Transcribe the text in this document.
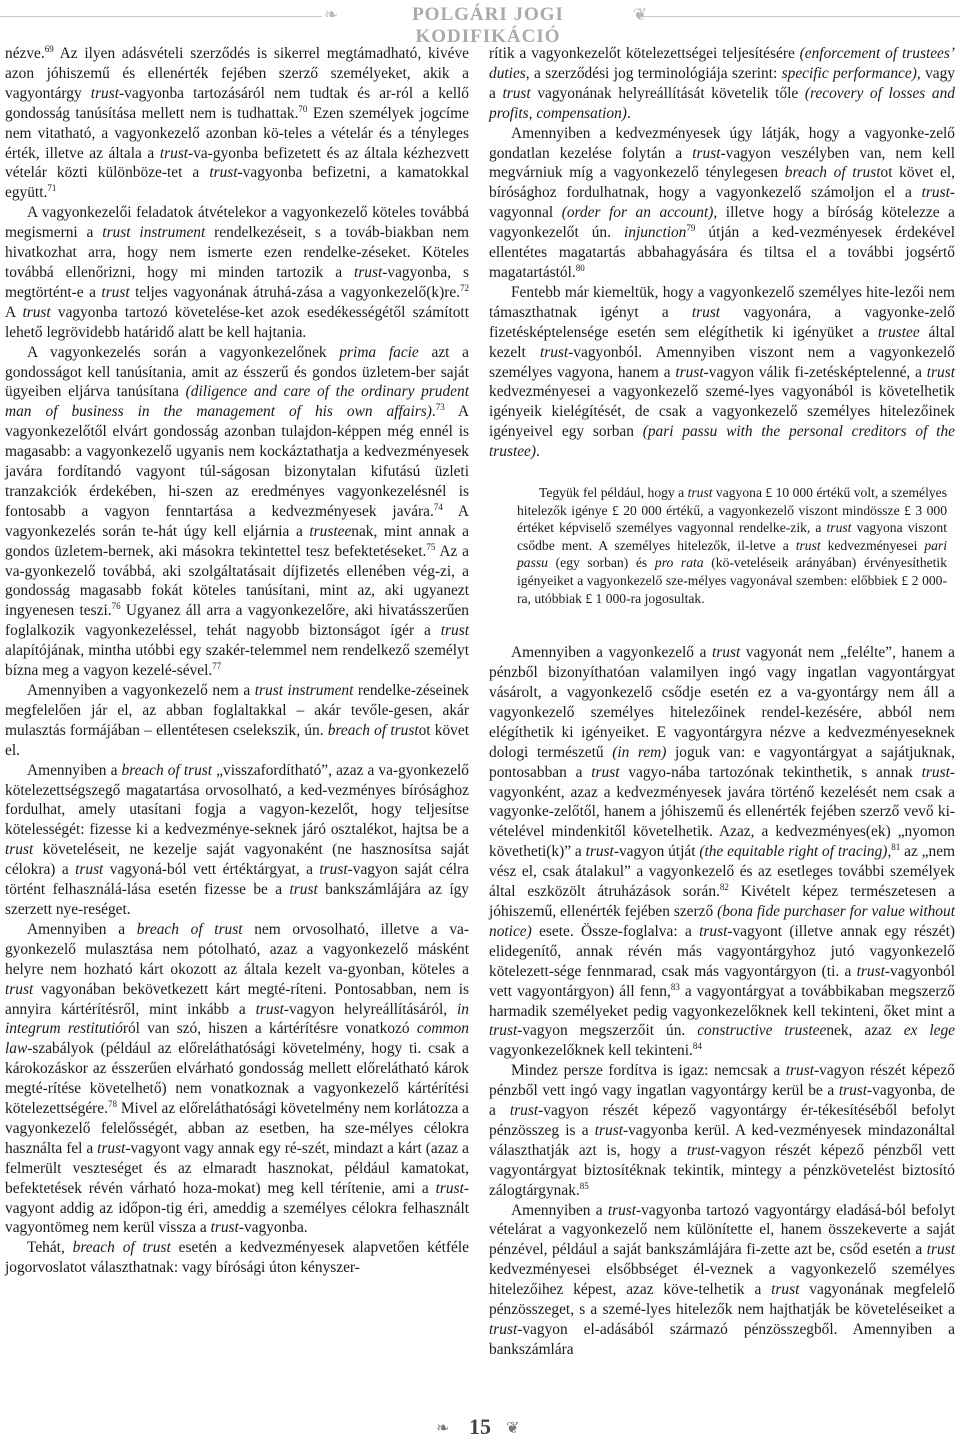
❧	POLGÁRI JOGI KODIFIKÁCIÓ
❦

nézve.$^{69}$ Az ilyen adásvételi szerződés is sikerrel megtámadható, kivéve azon jóhiszemű és ellenérték fejében szerző személyeket, akik a vagyontárgy trust-vagyonba tartozásáról nem tudtak és ar-ról a kellő gondosság tanúsítása mellett nem is tudhattak.$^{70}$ Ezen személyek jogcíme nem vitatható, a vagyonkezelő azonban kö-teles a vételár és a tényleges érték, illetve az általa a trust-va-gyonba befizetett és az általa kézhezvett vételár közti különböze-tet a trust-vagyonba befizetni, a kamatokkal együtt.$^{71}$

A vagyonkezelői feladatok átvételekor a vagyonkezelő köteles továbbá megismerni a trust instrument rendelkezéseit, s a továb-biakban nem hivatkozhat arra, hogy nem ismerte ezen rendelke-zéseket. Köteles továbbá ellenőrizni, hogy mi minden tartozik a trust-vagyonba, s megtörtént-e a trust teljes vagyonának átruhá-zása a vagyonkezelő(k)re.$^{72}$ A trust vagyonba tartozó követelése-ket azok esedékességétől számított lehető legrövidebb határidő alatt be kell hajtania.

A vagyonkezelés során a vagyonkezelőnek prima facie azt a gondosságot kell tanúsítania, amit az ésszerű és gondos üzletem-ber saját ügyeiben eljárva tanúsítana (diligence and care of the ordinary prudent man of business in the management of his own affairs).$^{73}$ A vagyonkezelőtől elvárt gondosság azonban tulajdon-képpen még ennél is magasabb: a vagyonkezelő ugyanis nem kockáztathatja a kedvezményesek javára fordítandó vagyont túl-ságosan bizonytalan kifutású üzleti tranzakciók érdekében, hi-szen az eredményes vagyonkezelésnél is fontosabb a vagyon fenntartása a kedvezményesek javára.$^{74}$ A vagyonkezelés során te-hát úgy kell eljárnia a trusteenak, mint annak a gondos üzletem-bernek, aki másokra tekintettel tesz befektetéseket.$^{75}$ Az a va-gyonkezelő továbbá, aki szolgáltatásait díjfizetés ellenében vég-zi, a gondosság magasabb fokát köteles tanúsítani, mint az, aki ugyanezt ingyenesen teszi.$^{76}$ Ugyanez áll arra a vagyonkezelőre, aki hivatásszerűen foglalkozik vagyonkezeléssel, tehát nagyobb biztonságot ígér a trust alapítójának, mintha utóbbi egy szakér-telemmel nem rendelkező személyt bízna meg a vagyon kezelé-sével.$^{77}$

Amennyiben a vagyonkezelő nem a trust instrument rendelke-zéseinek megfelelően jár el, az abban foglaltakkal – akár tevőle-gesen, akár mulasztás formájában – ellentétesen cselekszik, ún. breach of trustot követ el.

Amennyiben a breach of trust „visszafordítható”, azaz a va-gyonkezelő kötelezettségszegő magatartása orvosolható, a ked-vezményes bírósághoz fordulhat, amely utasítani fogja a vagyon-kezelőt, hogy teljesítse kötelességét: fizesse ki a kedvezménye-seknek járó osztalékot, hajtsa be a trust követeléseit, ne kezelje saját vagyonaként (ne hasznosítsa saját célokra) a trust vagyoná-ból vett értéktárgyat, a trust-vagyon saját célra történt felhasználá-lása esetén fizesse be a trust bankszámlájára az így szerzett nye-reséget.

Amennyiben a breach of trust nem orvosolható, illetve a va-gyonkezelő mulasztása nem pótolható, azaz a vagyonkezelő másként helyre nem hozható kárt okozott az általa kezelt va-gyonban, köteles a trust vagyonában bekövetkezett kárt megté-ríteni. Pontosabban, nem is annyira kártérítésről, mint inkább a trust-vagyon helyreállításáról, in integrum restitutióról van szó, hiszen a kártérítésre vonatkozó common law-szabályok (például az előreláthatósági követelmény, hogy ti. csak a károkozáskor az ésszerűen elvárható gondosság mellett előrelátható károk megté-rítése követelhető) nem vonatkoznak a vagyonkezelő kártérítési kötelezettségére.$^{78}$ Mivel az előreláthatósági követelmény nem korlátozza a vagyonkezelő felelősségét, abban az esetben, ha sze-mélyes célokra használta fel a trust-vagyont vagy annak egy ré-szét, mindazt a kárt (azaz a felmerült veszteséget és az elmaradt hasznokat, például kamatokat, befektetések révén várható hoza-mokat) meg kell térítenie, ami a trust-vagyont addig az időpon-tig éri, ameddig a személyes célokra felhasznált vagyontömeg nem kerül vissza a trust-vagyonba.

Tehát, breach of trust esetén a kedvezményesek alapvetően kétféle jogorvoslatot választhatnak: vagy bírósági úton kényszer-

rítik a vagyonkezelőt kötelezettségei teljesítésére (enforcement of trustees’ duties, a szerződési jog terminológiája szerint: specific performance), vagy a trust vagyonának helyreállítását követelik tőle (recovery of losses and profits, compensation).

Amennyiben a kedvezményesek úgy látják, hogy a vagyonke-zelő gondatlan kezelése folytán a trust-vagyon veszélyben van, nem kell megvárniuk míg a vagyonkezelő ténylegesen breach of trustot követ el, bírósághoz fordulhatnak, hogy a vagyonkezelő számoljon el a trust-vagyonnal (order for an account), illetve hogy a bíróság kötelezze a vagyonkezelőt ún. injunction$^{79}$ útján a ked-vezményesek érdekével ellentétes magatartás abbahagyására és tiltsa el a további jogsértő magatartástól.$^{80}$

Fentebb már kiemeltük, hogy a vagyonkezelő személyes hite-lezői nem támaszthatnak igényt a trust vagyonára, a vagyonke-zelő fizetésképtelensége esetén sem elégíthetik ki igényüket a trustee által kezelt trust-vagyonból. Amennyiben viszont nem a vagyonkezelő személyes vagyona, hanem a trust-vagyon válik fi-zetésképtelenné, a trust kedvezményesei a vagyonkezelő szemé-lyes vagyonából is követelhetik igényeik kielégítését, de csak a vagyonkezelő személyes hitelezőinek igényeivel egy sorban (pari passu with the personal creditors of the trustee).

Tegyük fel például, hogy a trust vagyona £ 10 000 értékű volt, a személyes hitelezők igénye £ 20 000 értékű, a vagyonkezelő viszont mindössze £ 3 000 értéket képviselő személyes vagyonnal rendelke-zik, a trust vagyona viszont csődbe ment. A személyes hitelezők, il-letve a trust kedvezményesei pari passu (egy sorban) és pro rata (kö-veteléseik arányában) érvényesíthetik igényeiket a vagyonkezelő sze-mélyes vagyonával szemben: előbbiek £ 2 000-ra, utóbbiak £ 1 000-ra jogosultak.

Amennyiben a vagyonkezelő a trust vagyonát nem „felélte”, hanem a pénzből bizonyíthatóan valamilyen ingó vagy ingatlan vagyontárgyat vásárolt, a vagyonkezelő csődje esetén ez a va-gyontárgy nem áll a vagyonkezelő személyes hitelezőinek rendel-kezésére, abból nem elégíthetik ki igényeiket. E vagyontárgyra nézve a kedvezményeseknek dologi természetű (in rem) joguk van: e vagyontárgyat a sajátjuknak, pontosabban a trust vagyo-nába tartozónak tekinthetik, s annak trust-vagyonként, azaz a kedvezményesek javára történő kezelését nem csak a vagyonke-zelőtől, hanem a jóhiszemű és ellenérték fejében szerző vevő ki-vételével mindenkitől követelhetik. Azaz, a kedvezményes(ek) „nyomon követheti(k)” a trust-vagyon útját (the equitable right of tracing),$^{81}$ az „nem vész el, csak átalakul” a vagyonkezelő és az esetleges további személyek által eszközölt átruházások során.$^{82}$ Kivételt képez természetesen a jóhiszemű, ellenérték fejében szerző (bona fide purchaser for value without notice) esete. Össze-foglalva: a trust-vagyont (illetve annak egy részét) elidegenítő, annak révén más vagyontárgyhoz jutó vagyonkezelő kötelezett-sége fennmarad, csak más vagyontárgyon (ti. a trust-vagyonból vett vagyontárgyon) áll fenn,$^{83}$ a vagyontárgyat a továbbikaban megszerző harmadik személyeket pedig vagyonkezelőknek kell tekinteni, őket mint a trust-vagyon megszerzőit ún. constructive trusteenek, azaz ex lege vagyonkezelőknek kell tekinteni.$^{84}$

Mindez persze fordítva is igaz: nemcsak a trust-vagyon részét képező pénzből vett ingó vagy ingatlan vagyontárgy kerül be a trust-vagyonba, de a trust-vagyon részét képező vagyontárgy ér-tékesítéséből befolyt pénzösszeg is a trust-vagyonba kerül. A ked-vezményesek mindazonáltal választhatják azt is, hogy a trust-vagyon részét képező pénzből vett vagyontárgyat biztosítéknak tekintik, mintegy a pénzkövetelést biztosító zálogtárgynak.$^{85}$

Amennyiben a trust-vagyonba tartozó vagyontárgy eladásá-ból befolyt vételárat a vagyonkezelő nem különítette el, hanem összekeverte a saját pénzével, például a saját bankszámlájára fi-zette azt be, csőd esetén a trust kedvezményesei elsőbbséget él-veznek a vagyonkezelő személyes hitelezőihez képest, azaz köve-telhetik a trust vagyonának megfelelő pénzösszeget, s a szemé-lyes hitelezők nem hajthatják be követeléseiket a trust-vagyon el-adásából származó pénzösszegből. Amennyiben a bankszámlára

❧ 15 ❦
